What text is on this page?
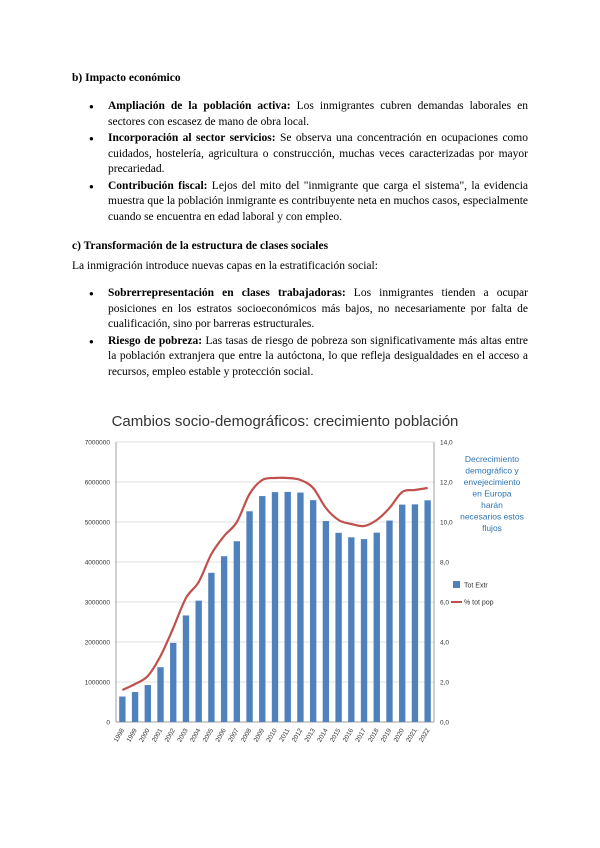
b) Impacto económico
● Ampliación de la población activa: Los inmigrantes cubren demandas laborales en sectores con escasez de mano de obra local.
● Incorporación al sector servicios: Se observa una concentración en ocupaciones como cuidados, hostelería, agricultura o construcción, muchas veces caracterizadas por mayor precariedad.
● Contribución fiscal: Lejos del mito del "inmigrante que carga el sistema", la evidencia muestra que la población inmigrante es contribuyente neta en muchos casos, especialmente cuando se encuentra en edad laboral y con empleo.
c) Transformación de la estructura de clases sociales
La inmigración introduce nuevas capas en la estratificación social:
● Sobrerrepresentación en clases trabajadoras: Los inmigrantes tienden a ocupar posiciones en los estratos socioeconómicos más bajos, no necesariamente por falta de cualificación, sino por barreras estructurales.
● Riesgo de pobreza: Las tasas de riesgo de pobreza son significativamente más altas entre la población extranjera que entre la autóctona, lo que refleja desigualdades en el acceso a recursos, empleo estable y protección social.
Cambios socio-demográficos: crecimiento población
0
1000000
2000000
3000000
4000000
5000000
6000000
7000000
0,0
2,0
4,0
6,0
8,0
10,0
12,0
14,0
1998 1999 2000 2001 2002 2003 2004 2005 2006 2007 2008 2009 2010 2011 2012 2013 2014 2015 2016 2017 2018 2019 2020 2021 2022
Decrecimiento
demográfico y
envejecimiento
en Europa
harán
necesarios estos
flujos
Tot Extr
% tot pop
